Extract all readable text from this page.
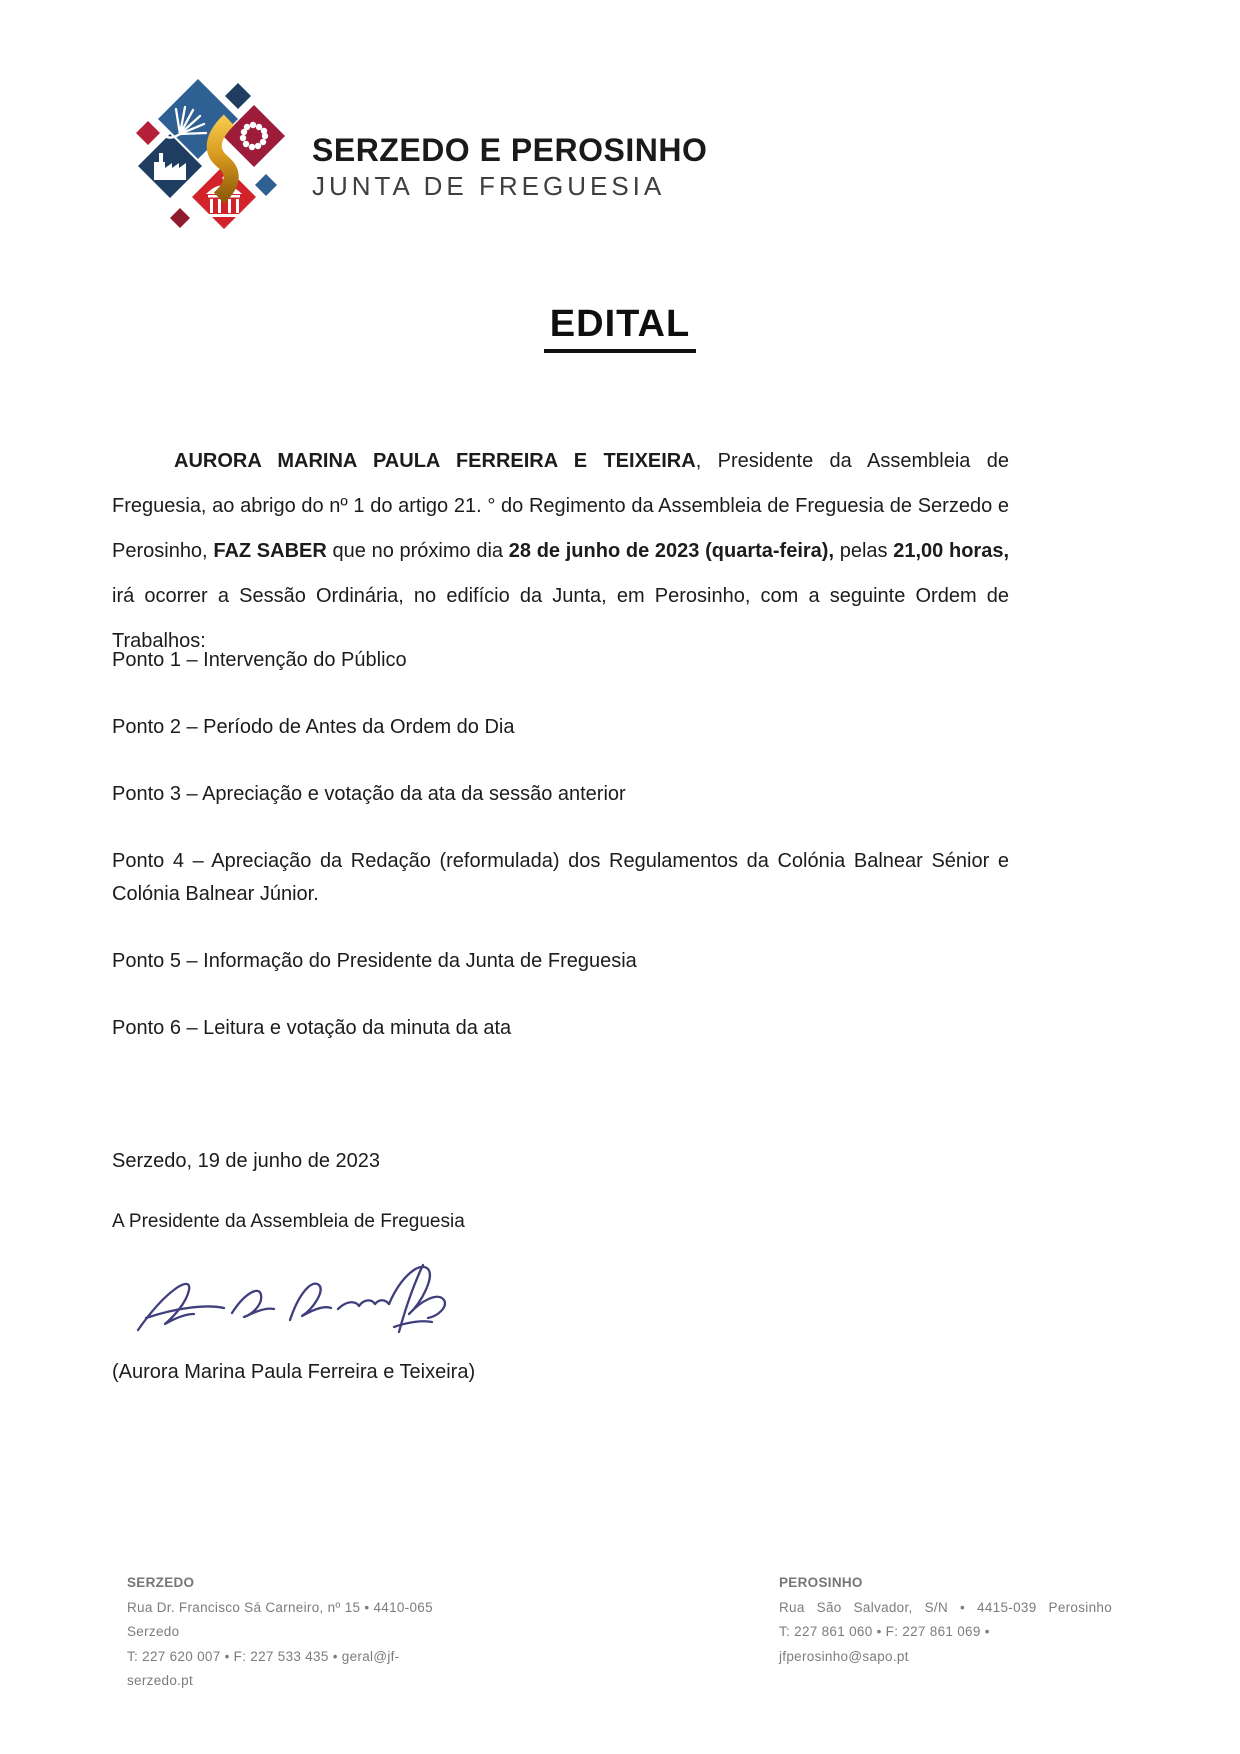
SERZEDO E PEROSINHO
JUNTA DE FREGUESIA
EDITAL

AURORA MARINA PAULA FERREIRA E TEIXEIRA, Presidente da Assembleia de Freguesia, ao abrigo do nº 1 do artigo 21. ° do Regimento da Assembleia de Freguesia de Serzedo e Perosinho, FAZ SABER que no próximo dia 28 de junho de 2023 (quarta-feira), pelas 21,00 horas, irá ocorrer a Sessão Ordinária, no edifício da Junta, em Perosinho, com a seguinte Ordem de Trabalhos:

Ponto 1 – Intervenção do Público
Ponto 2 – Período de Antes da Ordem do Dia
Ponto 3 – Apreciação e votação da ata da sessão anterior
Ponto 4 – Apreciação da Redação (reformulada) dos Regulamentos da Colónia Balnear Sénior e Colónia Balnear Júnior.
Ponto 5 – Informação do Presidente da Junta de Freguesia
Ponto 6 – Leitura e votação da minuta da ata
Serzedo, 19 de junho de 2023
A Presidente da Assembleia de Freguesia
(Aurora Marina Paula Ferreira e Teixeira)
SERZEDO
Rua Dr. Francisco Sá Carneiro, nº 15 • 4410-065 Serzedo
T: 227 620 007 • F: 227 533 435 • geral@jf-serzedo.pt
PEROSINHO
Rua São Salvador, S/N • 4415-039 Perosinho
T: 227 861 060 • F: 227 861 069 • jfperosinho@sapo.pt
